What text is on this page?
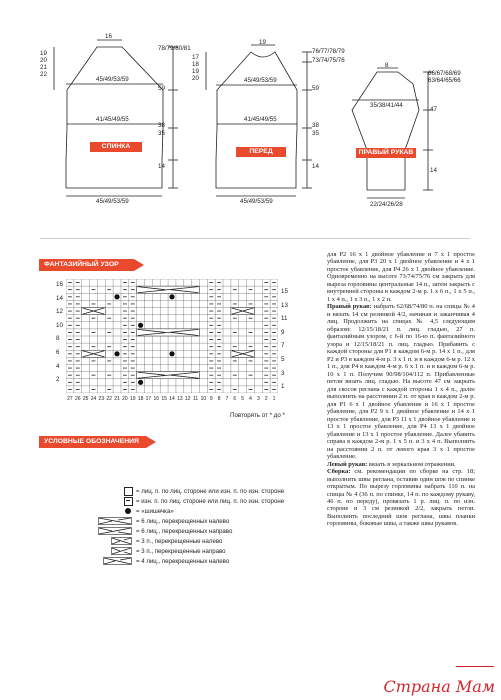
16
19
20
21
22
78/79/80/81
45/49/53/59
59
41/45/49/55
38
35
СПИНКА
14
45/49/53/59
19
17
18
19
20
76/77/78/79
73/74/75/76
45/49/53/59
59
41/45/49/55
38
35
ПЕРЕД
14
45/49/53/59
8
66/67/68/69
63/64/65/66
35/38/41/44
47
ПРАВЫЙ РУКАВ
14
22/24/26/28
ФАНТАЗИЙНЫЙ УЗОР
16
14
12
10
8
6
4
2
15
13
11
9
7
5
3
1
27 26 25 24 23 22 21 20 19 18 17 16 15 14 13 12 11 10 9	8	7	6	5	4	3	2	1
Повторять от * до *
УСЛОВНЫЕ ОБОЗНАЧЕНИЯ
= лиц. п. по лиц. стороне или изн. п. по изн. стороне
= изн. п. по лиц. стороне или лиц. п. по изн. стороне
= «шишечка»
= 6 лиц., перекрещенных налево
= 6 лиц., перекрещенных направо
= 3 п., перекрещенные налево
= 3 п., перекрещенные направо
= 4 лиц., перекрещенных налево

для Р2 16 х 1 двойное убавление и 7 х 1 простое убавление, для Р3 20 х 1 двойное убавление и 4 х 1 простое убавление, для Р4 26 х 1 двойное убавление. Одновременно на высоте 73/74/75/76 см закрыть для выреза горловины центральные 14 п., затем закрыть с внутренней стороны в каждом 2-м р. 1 х 6 п., 1 х 5 п., 1 х 4 п., 1 х 3 п., 1 х 2 п.

Правый рукав: набрать 62/68/74/80 п. на спицы № 4 и вязать 14 см резинкой 4/2, начиная и заканчивая 4 лиц. Продолжить на спицах № 4,5 следующим образом: 12/15/18/21 п. лиц. гладью, 27 п. фантазийным узором, с 6-й по 16-ю п. фантазийного узора и 12/15/18/21 п. лиц. гладью. Прибавить с каждой стороны для Р1 в каждом 6-м р. 14 х 1 п., для Р2 и Р3 в каждом 4-м р. 3 х 1 п. и в каждом 6-м р. 12 х 1 п., для Р4 в каждом 4-м р. 6 х 1 п. и в каждом 6-м р. 10 х 1 п. Получим 90/98/104/112 п. Прибавленные петли вязать лиц. гладью. На высоте 47 см закрыть для скосов реглана с каждой стороны 1 х 4 п., далее выполнить на расстоянии 2 п. от края в каждом 2-м р. для Р1 6 х 1 двойное убавление и 16 х 1 простое убавление, для Р2 9 х 1 двойное убавление и 14 х 1 простое убавление, для Р3 11 х 1 двойное убавление и 13 х 1 простое убавление, для Р4 13 х 1 двойное убавление и 13 х 1 простое убавление. Далее убавить справа в каждом 2-м р. 1 х 5 п. и 3 х 4 п. Выполнить на расстоянии 2 п. от левого края 3 х 1 простое убавление.

Левый рукав: вязать в зеркальном отражении.

Сборка: см. рекомендации по сборке на стр. 18; выполнить швы реглана, оставив один шов по спинке открытым. По вырезу горловины набрать 110 п. на спицы № 4 (36 п. по спинке, 14 п. по каждому рукаву, 46 п. по переду), провязать 1 р. лиц. п. по изн. стороне и 3 см резинкой 2/2, закрыть петли. Выполнить последний шов реглана, швы планки горловины, боковые швы, а также швы рукавов.

Страна Мам
